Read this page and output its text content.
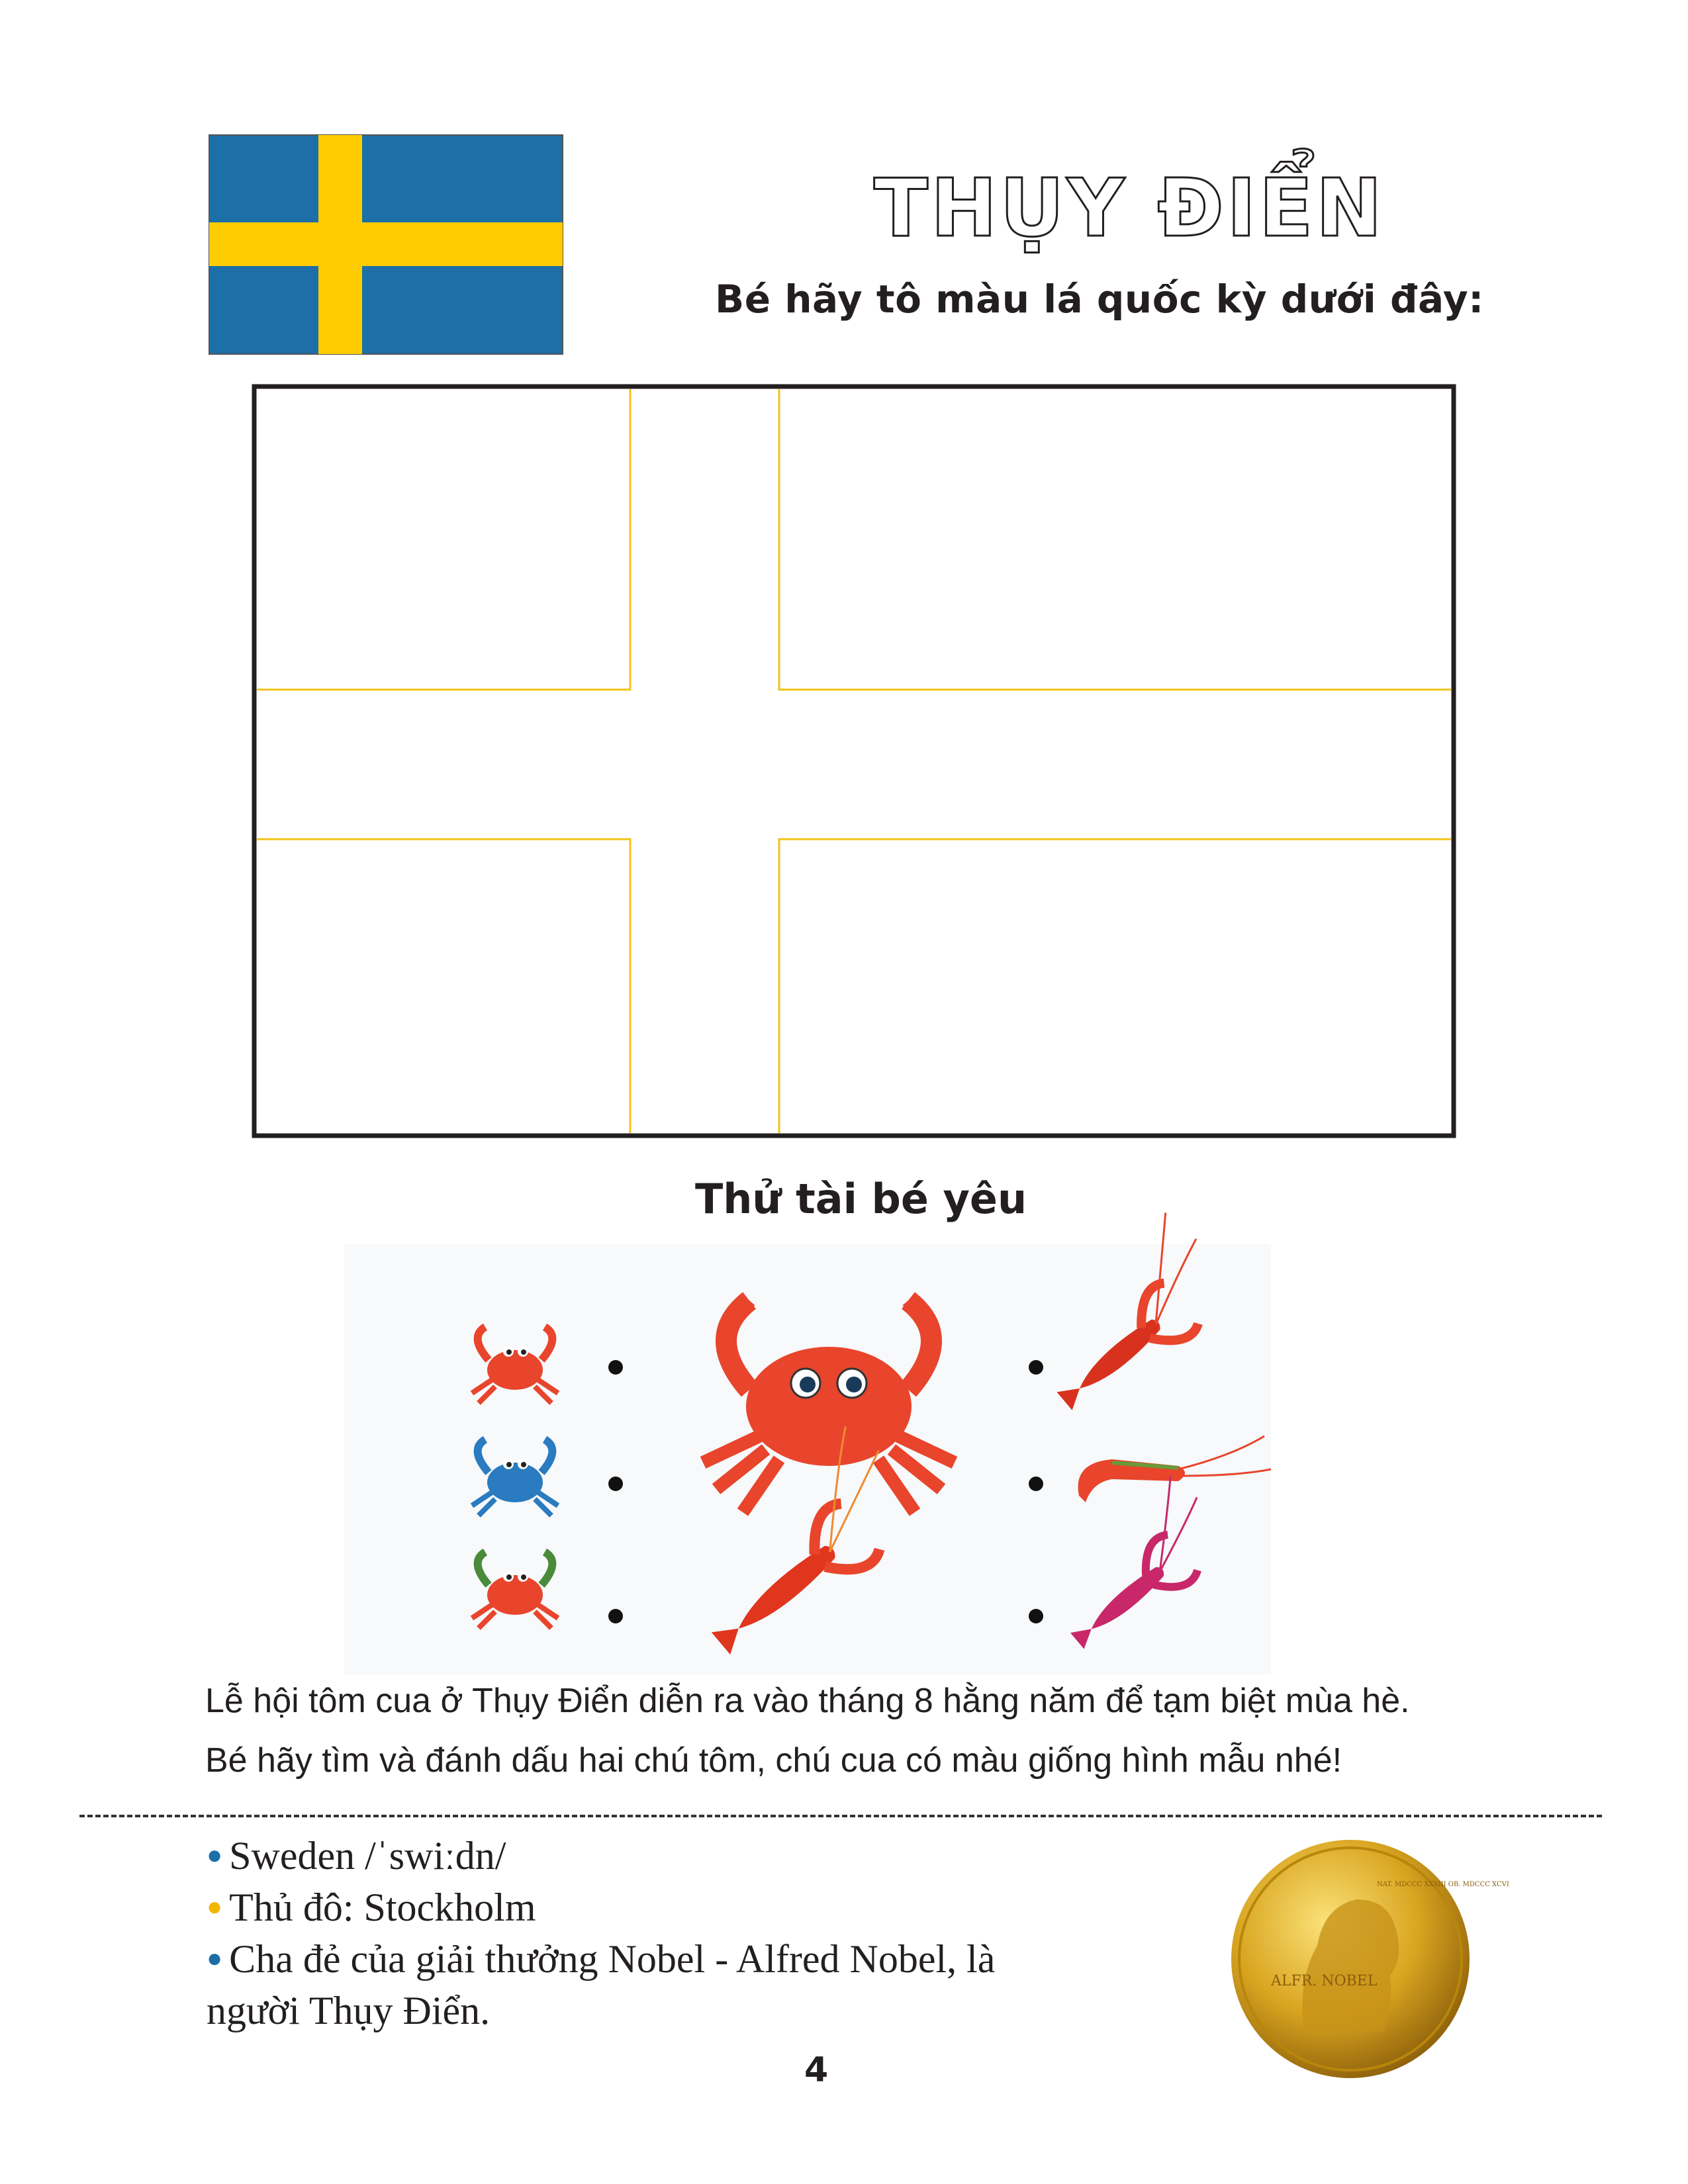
THỤY ĐIỂN
Bé hãy tô màu lá quốc kỳ dưới đây:
Thử tài bé yêu
Lễ hội tôm cua ở Thụy Điển diễn ra vào tháng 8 hằng năm để tạm biệt mùa hè.
Bé hãy tìm và đánh dấu hai chú tôm, chú cua có màu giống hình mẫu nhé!
● Sweden /ˈswiːdn/
● Thủ đô: Stockholm
● Cha đẻ của giải thưởng Nobel - Alfred Nobel, là
người Thụy Điển.
ALFR. NOBEL
NAT. MDCCC XXXIII OB. MDCCC XCVI
4
